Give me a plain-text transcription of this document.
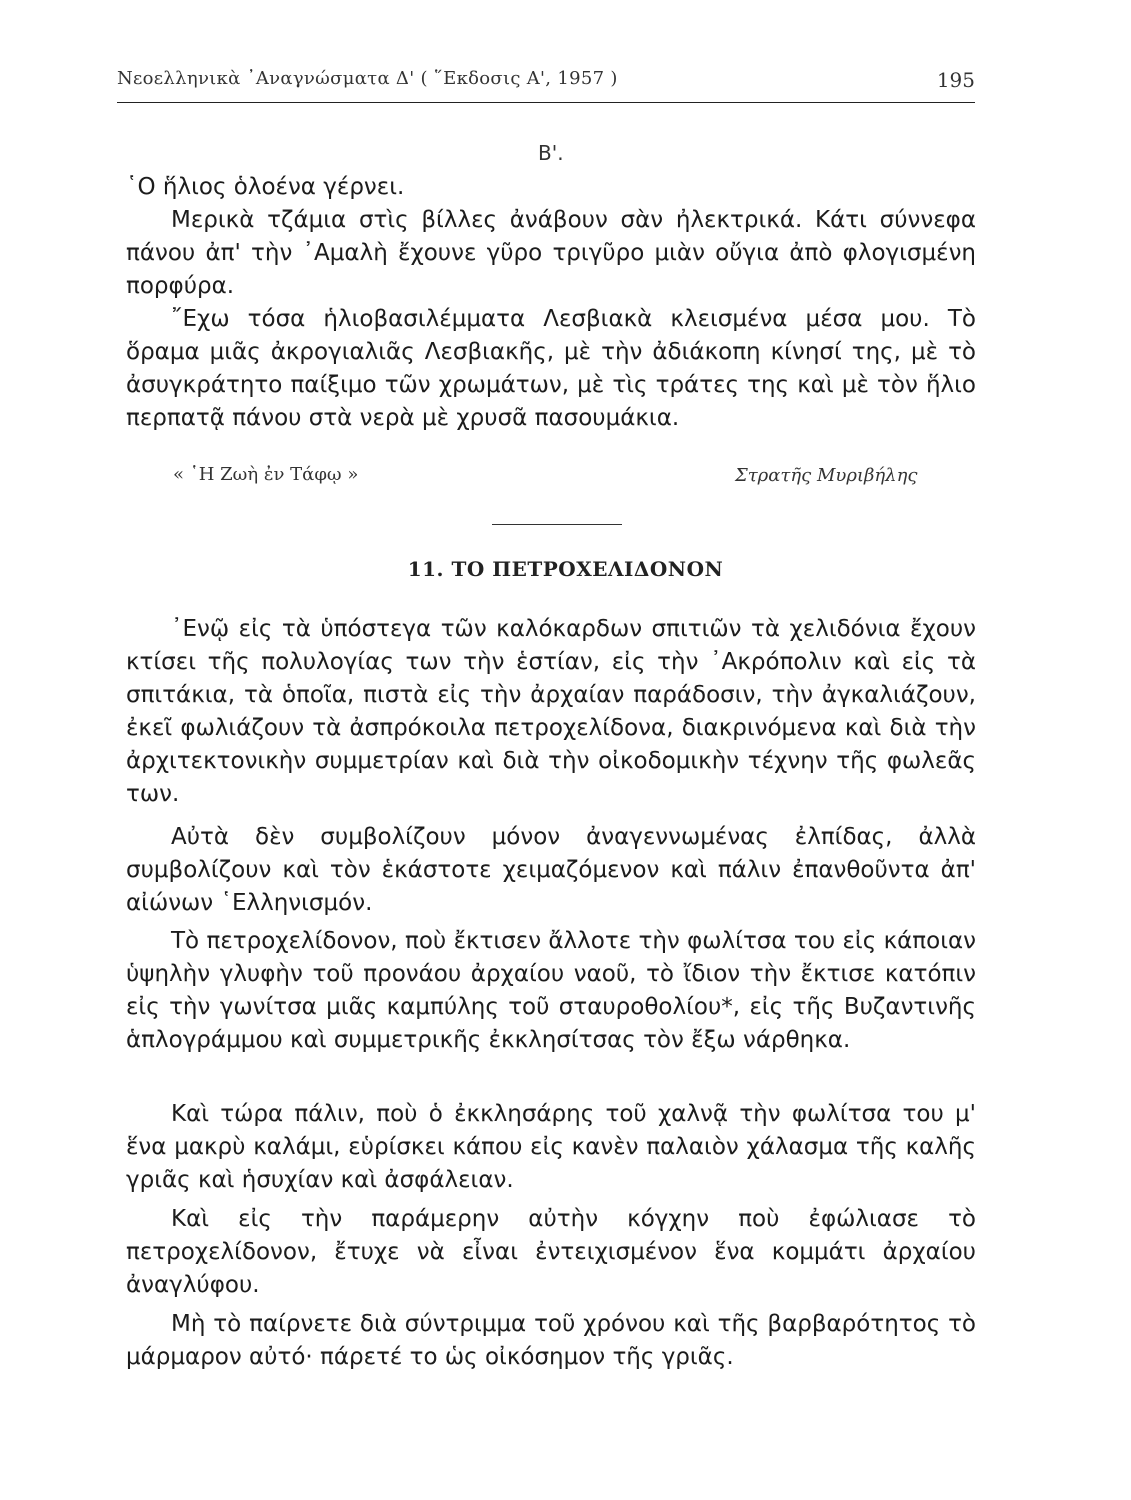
Νεοελληνικὰ ᾿Αναγνώσματα Δ' ( ῞Εκδοσις Α', 1957 )	195
Β'.

῾Ο ἥλιος ὁλοένα γέρνει.

Μερικὰ τζάμια στὶς βίλλες ἀνάβουν σὰν ἠλεκτρικά. Κάτι σύννεφα πάνου ἀπ' τὴν ᾿Αμαλὴ ἔχουνε γῦρο τριγῦρο μιὰν οὔγια ἀπὸ φλογισμένη πορφύρα.

῎Εχω τόσα ἡλιοβασιλέμματα Λεσβιακὰ κλεισμένα μέσα μου. Τὸ ὅραμα μιᾶς ἀκρογιαλιᾶς Λεσβιακῆς, μὲ τὴν ἀδιάκοπη κίνησί της, μὲ τὸ ἀσυγκράτητο παίξιμο τῶν χρωμάτων, μὲ τὶς τράτες της καὶ μὲ τὸν ἥλιο περπατᾷ πάνου στὰ νερὰ μὲ χρυσᾶ πασουμάκια.

« ῾Η Ζωὴ ἐν Τάφῳ »	Στρατῆς Μυριβήλης
11. ΤΟ ΠΕΤΡΟΧΕΛΙΔΟΝΟΝ

᾿Ενῷ εἰς τὰ ὑπόστεγα τῶν καλόκαρδων σπιτιῶν τὰ χελιδόνια ἔχουν κτίσει τῆς πολυλογίας των τὴν ἑστίαν, εἰς τὴν ᾿Ακρόπολιν καὶ εἰς τὰ σπιτάκια, τὰ ὁποῖα, πιστὰ εἰς τὴν ἀρχαίαν παράδοσιν, τὴν ἀγκαλιάζουν, ἐκεῖ φωλιάζουν τὰ ἀσπρόκοιλα πετροχελίδονα, διακρινόμενα καὶ διὰ τὴν ἀρχιτεκτονικὴν συμμετρίαν καὶ διὰ τὴν οἰκοδομικὴν τέχνην τῆς φωλεᾶς των.

Αὐτὰ δὲν συμβολίζουν μόνον ἀναγεννωμένας ἐλπίδας, ἀλλὰ συμβολίζουν καὶ τὸν ἑκάστοτε χειμαζόμενον καὶ πάλιν ἐπανθοῦντα ἀπ' αἰώνων ῾Ελληνισμόν.

Τὸ πετροχελίδονον, ποὺ ἔκτισεν ἄλλοτε τὴν φωλίτσα του εἰς κάποιαν ὑψηλὴν γλυφὴν τοῦ προνάου ἀρχαίου ναοῦ, τὸ ἴδιον τὴν ἔκτισε κατόπιν εἰς τὴν γωνίτσα μιᾶς καμπύλης τοῦ σταυροθολίου*, εἰς τῆς Βυζαντινῆς ἁπλογράμμου καὶ συμμετρικῆς ἐκκλησίτσας τὸν ἔξω νάρθηκα.

Καὶ τώρα πάλιν, ποὺ ὁ ἐκκλησάρης τοῦ χαλνᾷ τὴν φωλίτσα του μ' ἕνα μακρὺ καλάμι, εὑρίσκει κάπου εἰς κανὲν παλαιὸν χάλασμα τῆς καλῆς γριᾶς καὶ ἡσυχίαν καὶ ἀσφάλειαν.

Καὶ εἰς τὴν παράμερην αὐτὴν κόγχην ποὺ ἐφώλιασε τὸ πετροχελίδονον, ἔτυχε νὰ εἶναι ἐντειχισμένον ἕνα κομμάτι ἀρχαίου ἀναγλύφου.

Μὴ τὸ παίρνετε διὰ σύντριμμα τοῦ χρόνου καὶ τῆς βαρβαρότητος τὸ μάρμαρον αὐτό· πάρετέ το ὡς οἰκόσημον τῆς γριᾶς.
